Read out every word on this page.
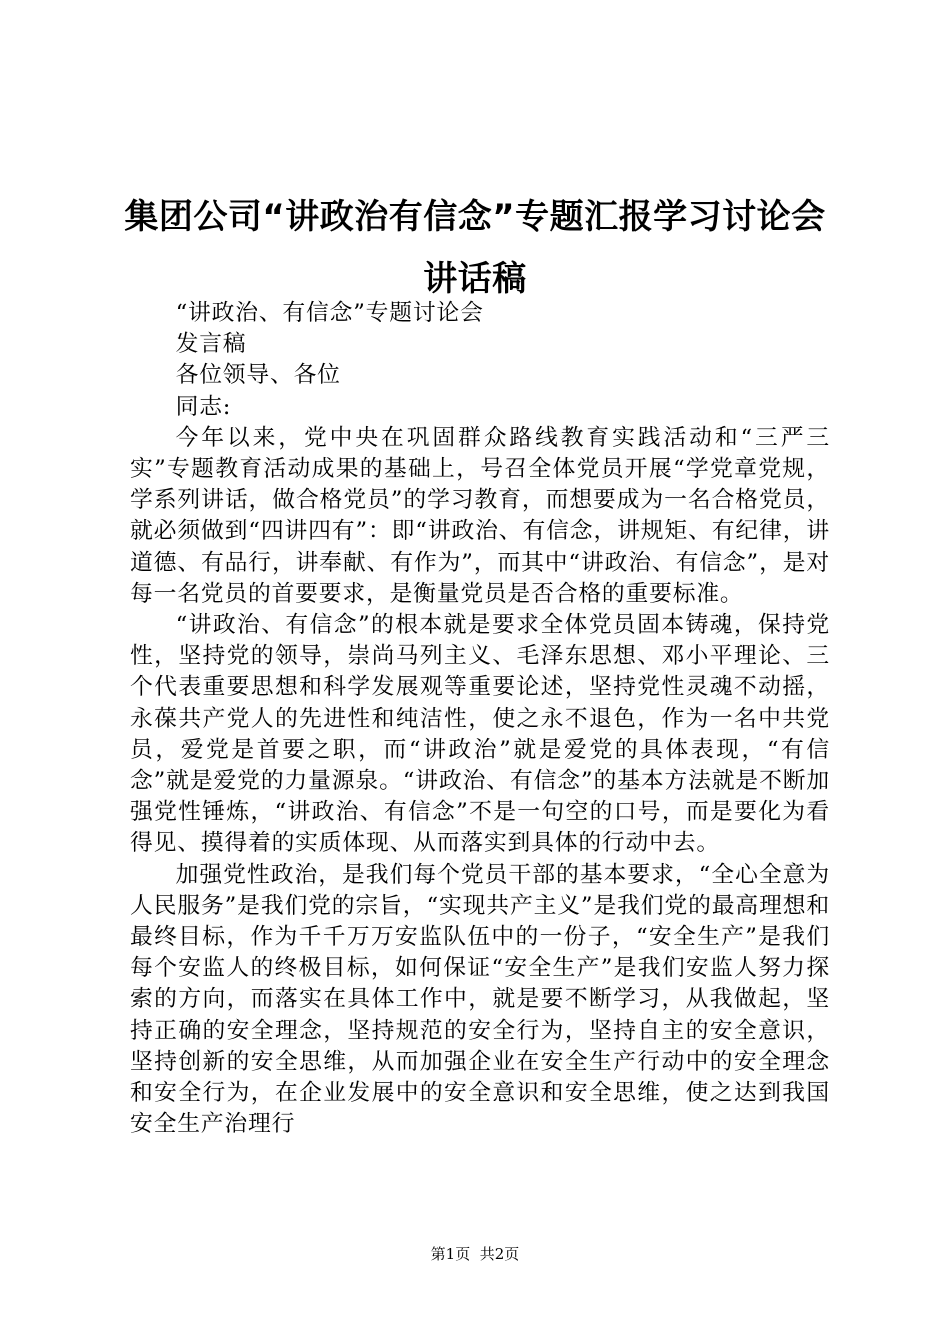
集团公司“讲政治有信念”专题汇报学习讨论会讲话稿

“讲政治、有信念”专题讨论会

发言稿

各位领导、各位

同志:

今年以来，党中央在巩固群众路线教育实践活动和“三严三实”专题教育活动成果的基础上，号召全体党员开展“学党章党规，学系列讲话，做合格党员”的学习教育，而想要成为一名合格党员，就必须做到“四讲四有”：即“讲政治、有信念，讲规矩、有纪律，讲道德、有品行，讲奉献、有作为”，而其中“讲政治、有信念”，是对每一名党员的首要要求，是衡量党员是否合格的重要标准。

“讲政治、有信念”的根本就是要求全体党员固本铸魂，保持党性，坚持党的领导，崇尚马列主义、毛泽东思想、邓小平理论、三个代表重要思想和科学发展观等重要论述，坚持党性灵魂不动摇，永葆共产党人的先进性和纯洁性，使之永不退色，作为一名中共党员，爱党是首要之职，而“讲政治”就是爱党的具体表现，“有信念”就是爱党的力量源泉。“讲政治、有信念”的基本方法就是不断加强党性锤炼，“讲政治、有信念”不是一句空的口号，而是要化为看得见、摸得着的实质体现、从而落实到具体的行动中去。

加强党性政治，是我们每个党员干部的基本要求，“全心全意为人民服务”是我们党的宗旨，“实现共产主义”是我们党的最高理想和最终目标，作为千千万万安监队伍中的一份子，“安全生产”是我们每个安监人的终极目标，如何保证“安全生产”是我们安监人努力探索的方向，而落实在具体工作中，就是要不断学习，从我做起，坚持正确的安全理念，坚持规范的安全行为，坚持自主的安全意识，坚持创新的安全思维，从而加强企业在安全生产行动中的安全理念和安全行为，在企业发展中的安全意识和安全思维，使之达到我国安全生产治理行

第1页 共2页
